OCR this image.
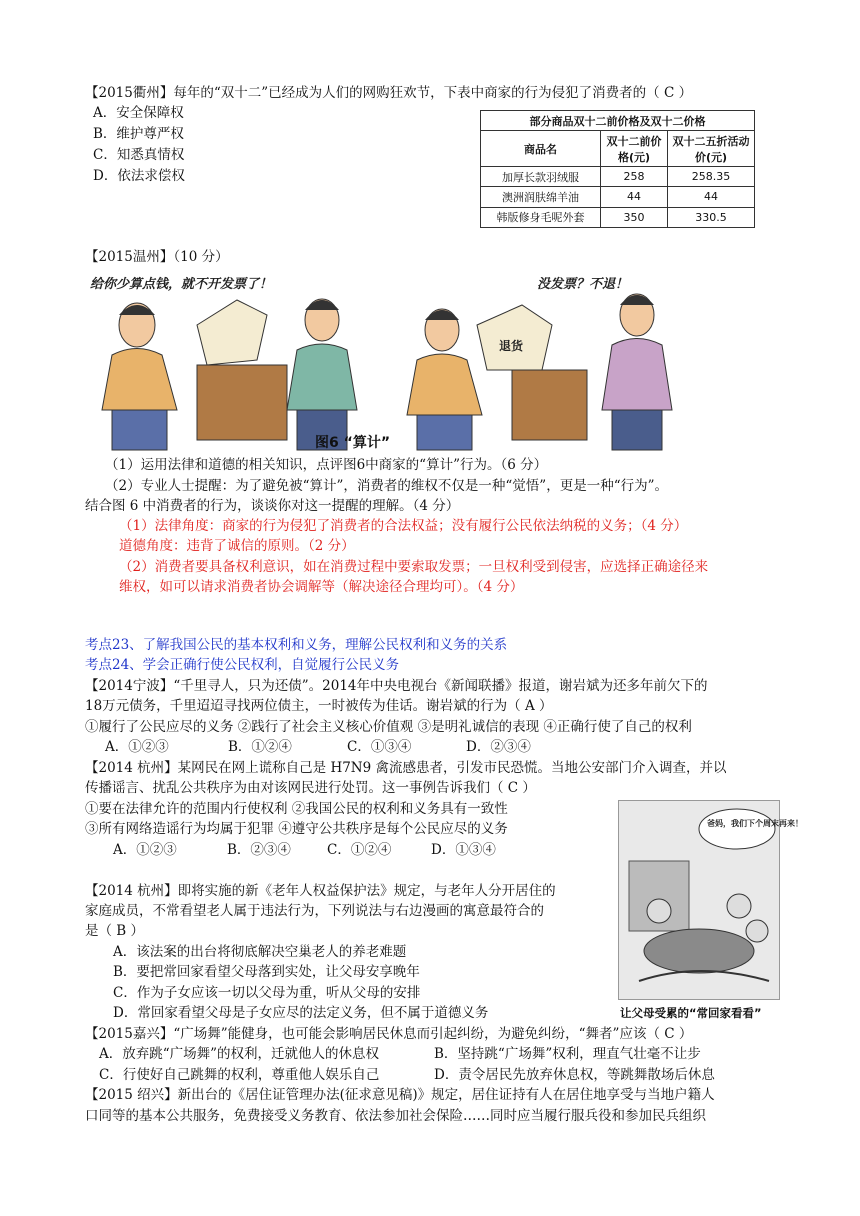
【2015衢州】每年的“双十二”已经成为人们的网购狂欢节，下表中商家的行为侵犯了消费者的（ C ）
A．安全保障权
B．维护尊严权
C．知悉真情权
D．依法求偿权
部分商品双十二前价格及双十二价格		
商品名	双十二前价格(元)	双十二五折活动价(元)
加厚长款羽绒服	258	258.35
澳洲润肤绵羊油	44	44
韩版修身毛呢外套	350	330.5
【2015温州】（10 分）
给你少算点钱，就不开发票了！	没发票？不退！
退货
图6 “算计”
（1）运用法律和道德的相关知识，点评图6中商家的“算计”行为。（6 分）
（2）专业人士提醒：为了避免被“算计”，消费者的维权不仅是一种“觉悟”，更是一种“行为”。
结合图 6 中消费者的行为，谈谈你对这一提醒的理解。（4 分）
（1）法律角度：商家的行为侵犯了消费者的合法权益；没有履行公民依法纳税的义务；（4 分）
道德角度：违背了诚信的原则。（2 分）
（2）消费者要具备权利意识，如在消费过程中要索取发票；一旦权利受到侵害，应选择正确途径来
维权，如可以请求消费者协会调解等（解决途径合理均可）。（4 分）
考点23、了解我国公民的基本权利和义务，理解公民权利和义务的关系
考点24、学会正确行使公民权利，自觉履行公民义务
【2014宁波】“千里寻人，只为还债”。2014年中央电视台《新闻联播》报道，谢岩斌为还多年前欠下的
18万元债务，千里迢迢寻找两位债主，一时被传为佳话。谢岩斌的行为（ A ）
①履行了公民应尽的义务 ②践行了社会主义核心价值观 ③是明礼诚信的表现 ④正确行使了自己的权利
A．①②③	B．①②④	C．①③④	D．②③④
【2014 杭州】某网民在网上谎称自己是 H7N9 禽流感患者，引发市民恐慌。当地公安部门介入调查，并以
传播谣言、扰乱公共秩序为由对该网民进行处罚。这一事例告诉我们（ C ）
①要在法律允许的范围内行使权利 ②我国公民的权利和义务具有一致性
③所有网络造谣行为均属于犯罪 ④遵守公共秩序是每个公民应尽的义务
A．①②③	B．②③④	C．①②④	D．①③④
爸妈，我们下个周末再来！
【2014 杭州】即将实施的新《老年人权益保护法》规定，与老年人分开居住的
家庭成员，不常看望老人属于违法行为，下列说法与右边漫画的寓意最符合的
是（ B ）
A．该法案的出台将彻底解决空巢老人的养老难题
B．要把常回家看望父母落到实处，让父母安享晚年
C．作为子女应该一切以父母为重，听从父母的安排
D．常回家看望父母是子女应尽的法定义务，但不属于道德义务	让父母受累的“常回家看看”
【2015嘉兴】“广场舞”能健身，也可能会影响居民休息而引起纠纷，为避免纠纷，“舞者”应该（ C ）
A．放弃跳“广场舞”的权利，迁就他人的休息权	B．坚持跳“广场舞”权利，理直气壮毫不让步
C．行使好自己跳舞的权利，尊重他人娱乐自己	D．责令居民先放弃休息权，等跳舞散场后休息
【2015 绍兴】新出台的《居住证管理办法(征求意见稿)》规定，居住证持有人在居住地享受与当地户籍人
口同等的基本公共服务，免费接受义务教育、依法参加社会保险……同时应当履行服兵役和参加民兵组织
